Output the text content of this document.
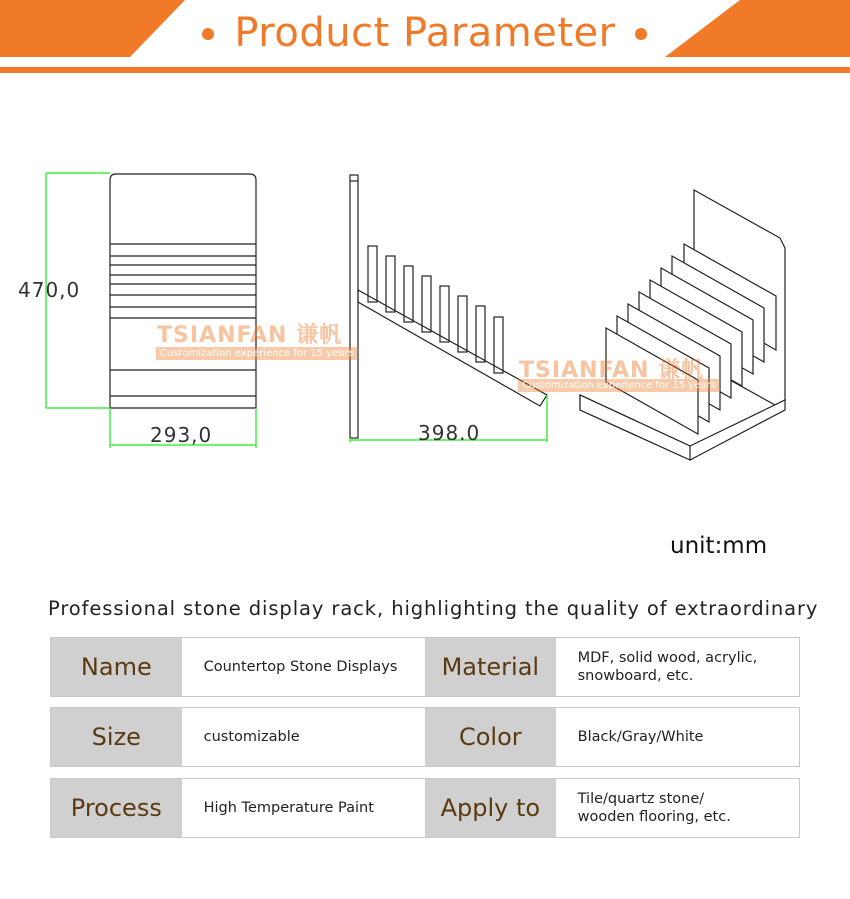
Product Parameter
470,0
293,0	398.0
TSIANFAN 谦帆
Customization experience for 15 years
TSIANFAN 谦帆
Customization experience for 15 years
unit:mm
Professional stone display rack, highlighting the quality of extraordinary
Name	Countertop Stone Displays	Material	MDF, solid wood, acrylic,
snowboard, etc.
Size	customizable	Color	Black/Gray/White
Process	High Temperature Paint	Apply to	Tile/quartz stone/
wooden flooring, etc.
